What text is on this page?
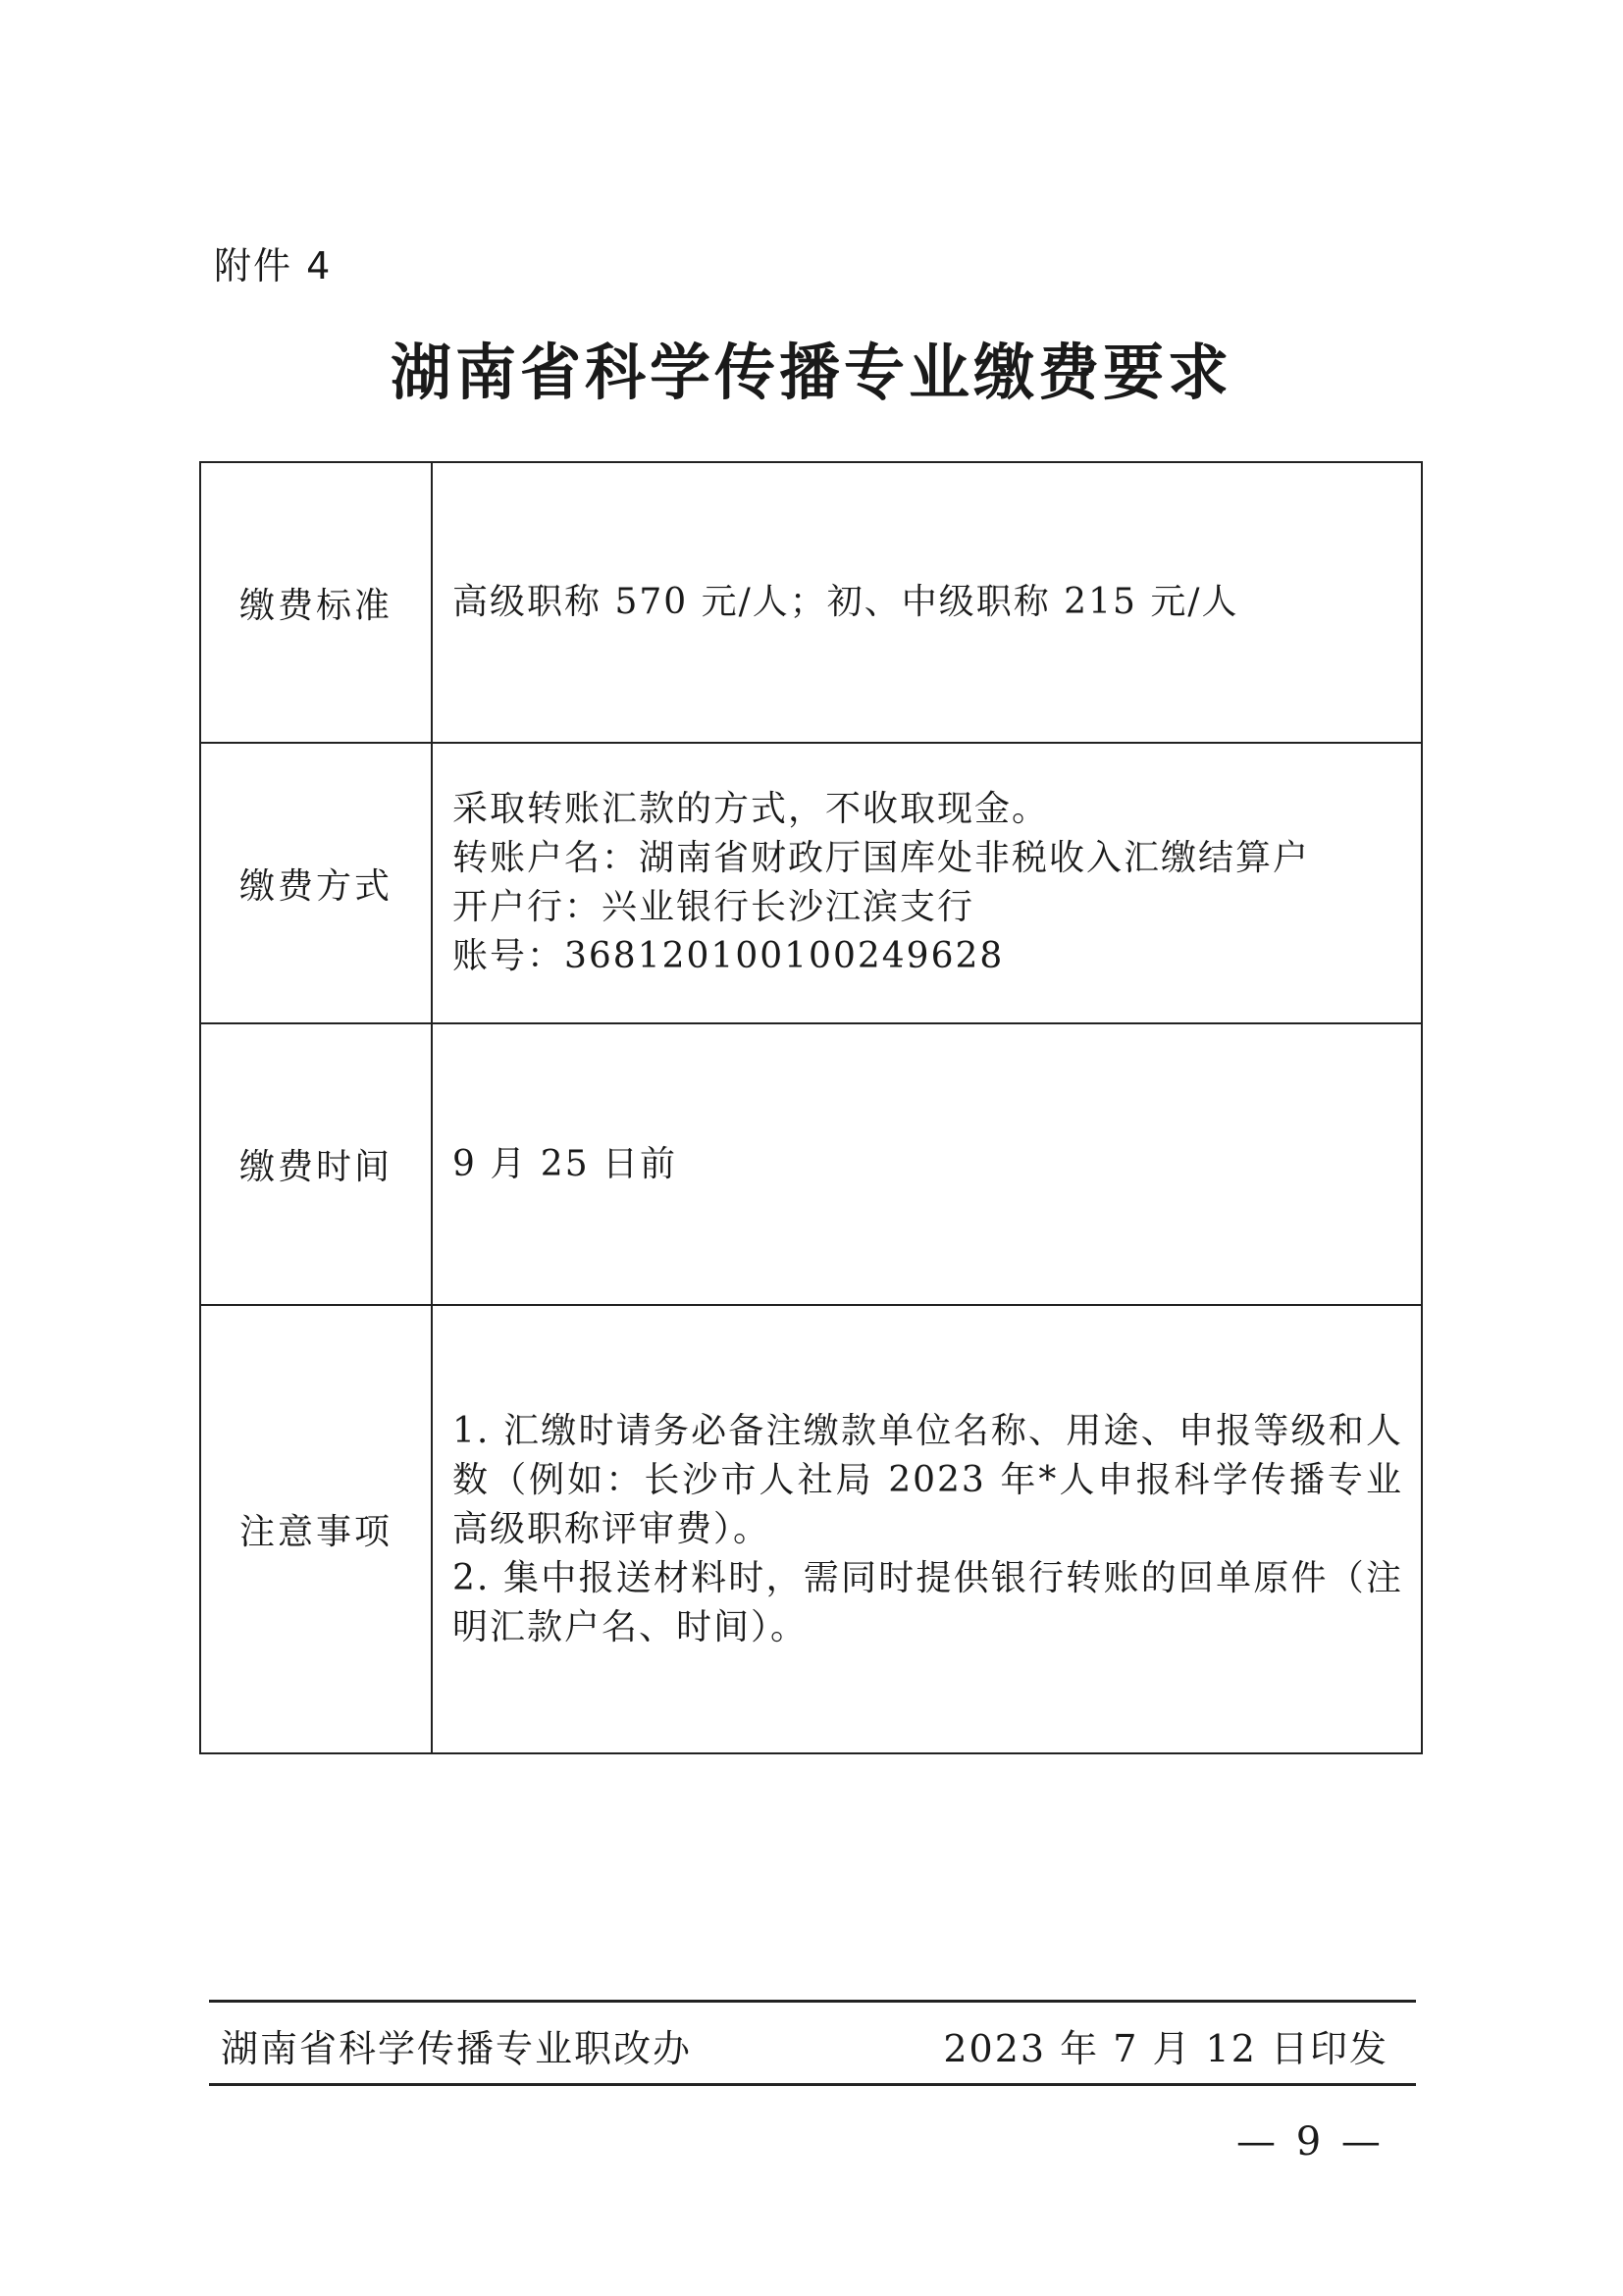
附件 4
湖南省科学传播专业缴费要求
缴费标准	高级职称 570 元/人；初、中级职称 215 元/人

缴费方式	采取转账汇款的方式，不收取现金。
转账户名：湖南省财政厅国库处非税收入汇缴结算户
开户行：兴业银行长沙江滨支行
账号：368120100100249628

缴费时间	9 月 25 日前

注意事项	1. 汇缴时请务必备注缴款单位名称、用途、申报等级和人数（例如：长沙市人社局 2023 年*人申报科学传播专业高级职称评审费）。
2. 集中报送材料时，需同时提供银行转账的回单原件（注明汇款户名、时间）。
湖南省科学传播专业职改办	2023 年 7 月 12 日印发
— 9 —
